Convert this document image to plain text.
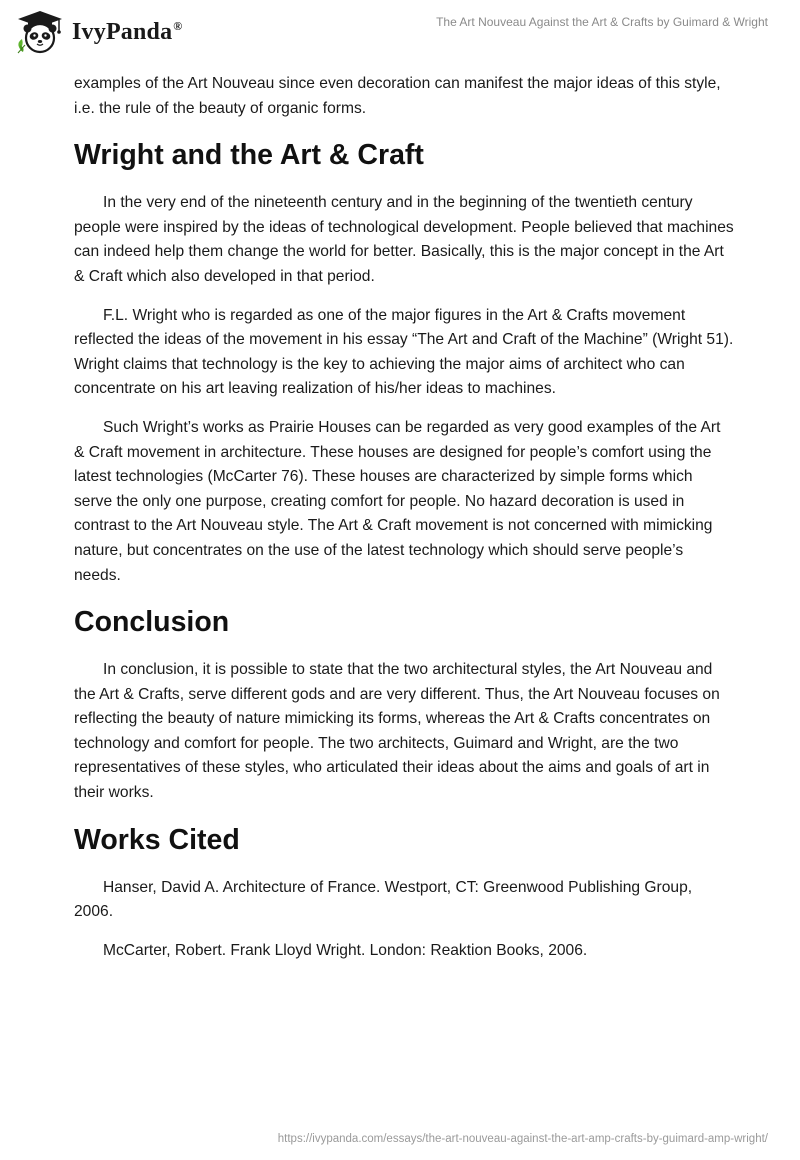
IvyPanda®	The Art Nouveau Against the Art & Crafts by Guimard & Wright

examples of the Art Nouveau since even decoration can manifest the major ideas of this style, i.e. the rule of the beauty of organic forms.

Wright and the Art & Craft

In the very end of the nineteenth century and in the beginning of the twentieth century people were inspired by the ideas of technological development. People believed that machines can indeed help them change the world for better. Basically, this is the major concept in the Art & Craft which also developed in that period.

F.L. Wright who is regarded as one of the major figures in the Art & Crafts movement reflected the ideas of the movement in his essay “The Art and Craft of the Machine” (Wright 51). Wright claims that technology is the key to achieving the major aims of architect who can concentrate on his art leaving realization of his/her ideas to machines.

Such Wright’s works as Prairie Houses can be regarded as very good examples of the Art & Craft movement in architecture. These houses are designed for people’s comfort using the latest technologies (McCarter 76). These houses are characterized by simple forms which serve the only one purpose, creating comfort for people. No hazard decoration is used in contrast to the Art Nouveau style. The Art & Craft movement is not concerned with mimicking nature, but concentrates on the use of the latest technology which should serve people’s needs.

Conclusion

In conclusion, it is possible to state that the two architectural styles, the Art Nouveau and the Art & Crafts, serve different gods and are very different. Thus, the Art Nouveau focuses on reflecting the beauty of nature mimicking its forms, whereas the Art & Crafts concentrates on technology and comfort for people. The two architects, Guimard and Wright, are the two representatives of these styles, who articulated their ideas about the aims and goals of art in their works.

Works Cited

Hanser, David A. Architecture of France. Westport, CT: Greenwood Publishing Group, 2006.

McCarter, Robert. Frank Lloyd Wright. London: Reaktion Books, 2006.

https://ivypanda.com/essays/the-art-nouveau-against-the-art-amp-crafts-by-guimard-amp-wright/
